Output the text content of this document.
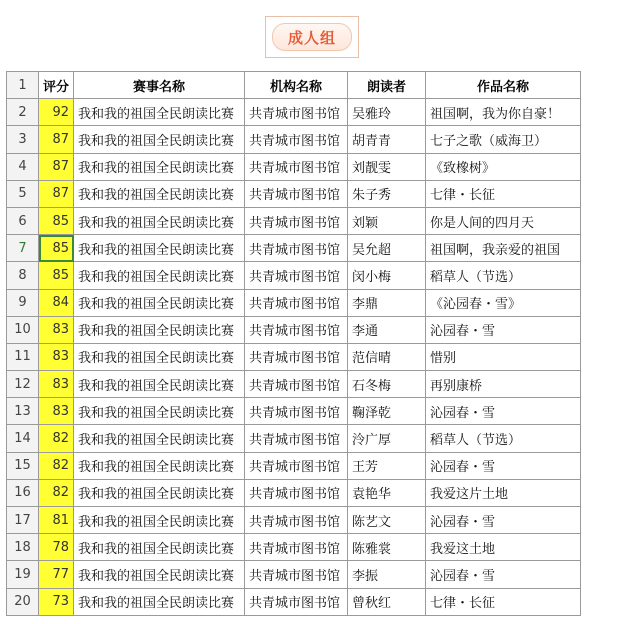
成人组
1	评分	赛事名称	机构名称	朗读者	作品名称
2	92	我和我的祖国全民朗读比赛	共青城市图书馆	吴雅玲	祖国啊，我为你自豪！
3	87	我和我的祖国全民朗读比赛	共青城市图书馆	胡青青	七子之歌（威海卫）
4	87	我和我的祖国全民朗读比赛	共青城市图书馆	刘靓雯	《致橡树》
5	87	我和我的祖国全民朗读比赛	共青城市图书馆	朱子秀	七律・长征
6	85	我和我的祖国全民朗读比赛	共青城市图书馆	刘颖	你是人间的四月天
7	85	我和我的祖国全民朗读比赛	共青城市图书馆	吴允超	祖国啊，我亲爱的祖国
8	85	我和我的祖国全民朗读比赛	共青城市图书馆	闵小梅	稻草人（节选）
9	84	我和我的祖国全民朗读比赛	共青城市图书馆	李鼎	《沁园春・雪》
10	83	我和我的祖国全民朗读比赛	共青城市图书馆	李通	沁园春・雪
11	83	我和我的祖国全民朗读比赛	共青城市图书馆	范信晴	惜别
12	83	我和我的祖国全民朗读比赛	共青城市图书馆	石冬梅	再别康桥
13	83	我和我的祖国全民朗读比赛	共青城市图书馆	鞠泽乾	沁园春・雪
14	82	我和我的祖国全民朗读比赛	共青城市图书馆	泠广厚	稻草人（节选）
15	82	我和我的祖国全民朗读比赛	共青城市图书馆	王芳	沁园春・雪
16	82	我和我的祖国全民朗读比赛	共青城市图书馆	袁艳华	我爱这片土地
17	81	我和我的祖国全民朗读比赛	共青城市图书馆	陈艺文	沁园春・雪
18	78	我和我的祖国全民朗读比赛	共青城市图书馆	陈雅裳	我爱这土地
19	77	我和我的祖国全民朗读比赛	共青城市图书馆	李振	沁园春・雪
20	73	我和我的祖国全民朗读比赛	共青城市图书馆	曾秋红	七律・长征
